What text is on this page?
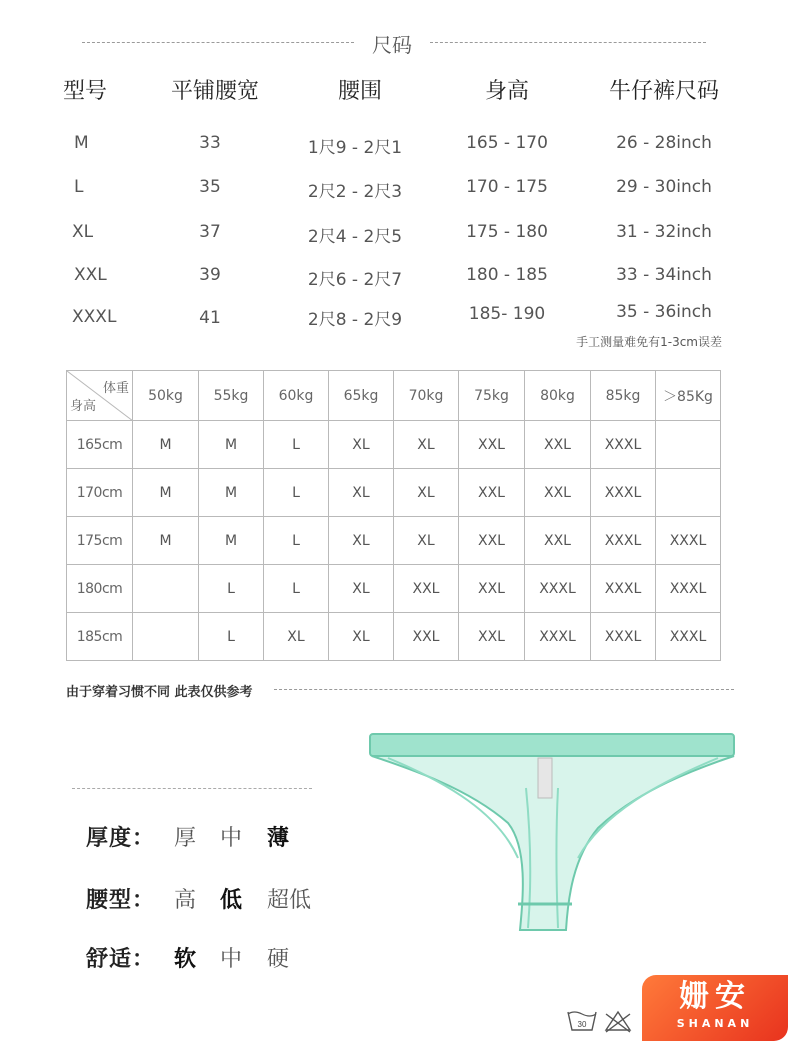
尺码
型号	平铺腰宽	腰围	身高	牛仔裤尺码
M	33	1尺9 - 2尺1	165 - 170	26 - 28inch
L	35	2尺2 - 2尺3	170 - 175	29 - 30inch
XL	37	2尺4 - 2尺5	175 - 180	31 - 32inch
XXL	39	2尺6 - 2尺7	180 - 185	33 - 34inch
XXXL	41	2尺8 - 2尺9	185- 190	35 - 36inch
手工测量难免有1-3cm误差
体重
身高	50kg	55kg	60kg	65kg	70kg	75kg	80kg	85kg	＞85Kg
165cm	M	M	L	XL	XL	XXL	XXL	XXXL	
170cm	M	M	L	XL	XL	XXL	XXL	XXXL	
175cm	M	M	L	XL	XL	XXL	XXL	XXXL	XXXL
180cm		L	L	XL	XXL	XXL	XXXL	XXXL	XXXL
185cm		L	XL	XL	XXL	XXL	XXXL	XXXL	XXXL
由于穿着习惯不同 此表仅供参考
厚度： 厚 中 薄
腰型： 高 低 超低
舒适： 软 中 硬
30
姗安
SHANAN
